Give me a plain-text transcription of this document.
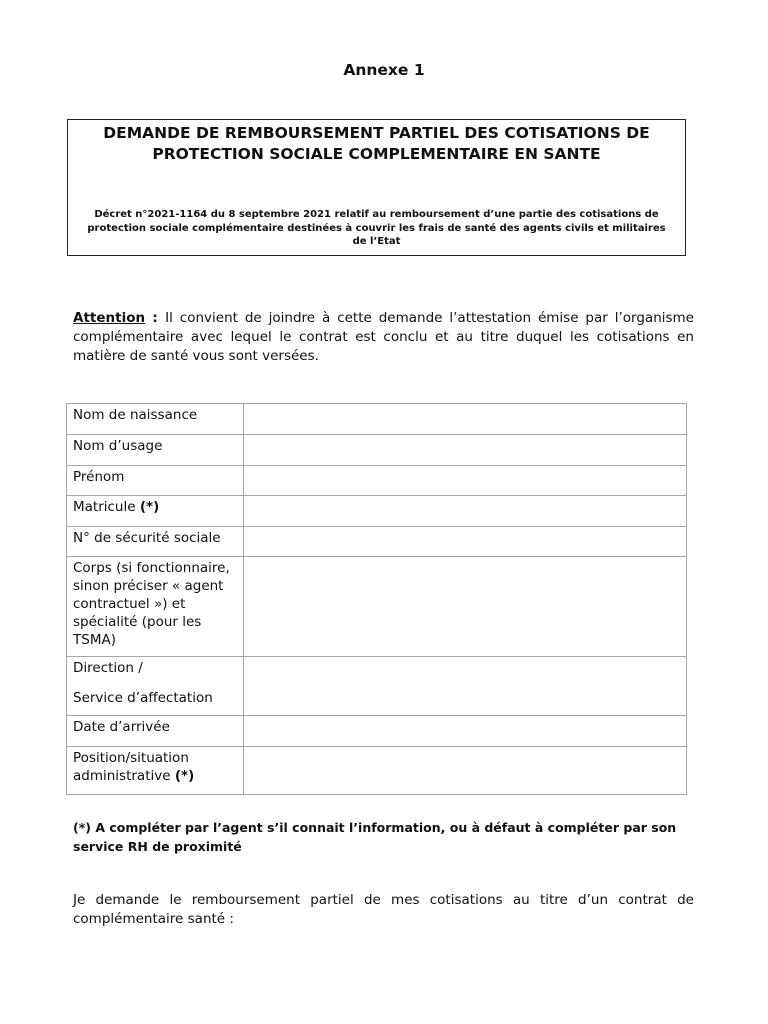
Annexe 1
DEMANDE DE REMBOURSEMENT PARTIEL DES COTISATIONS DE
PROTECTION SOCIALE COMPLEMENTAIRE EN SANTE
Décret n°2021-1164 du 8 septembre 2021 relatif au remboursement d’une partie des cotisations de
protection sociale complémentaire destinées à couvrir les frais de santé des agents civils et militaires
de l’Etat
Attention : Il convient de joindre à cette demande l’attestation émise par l’organisme complémentaire avec lequel le contrat est conclu et au titre duquel les cotisations en matière de santé vous sont versées.
Nom de naissance	
Nom d’usage	
Prénom	
Matricule (*)	
N° de sécurité sociale	
Corps (si fonctionnaire, sinon préciser « agent contractuel ») et spécialité (pour les TSMA)	
Direction /
Service d’affectation	

Date d’arrivée	
Position/situation administrative (*)	
(*) A compléter par l’agent s’il connait l’information, ou à défaut à compléter par son
service RH de proximité
Je demande le remboursement partiel de mes cotisations au titre d’un contrat de complémentaire santé :
